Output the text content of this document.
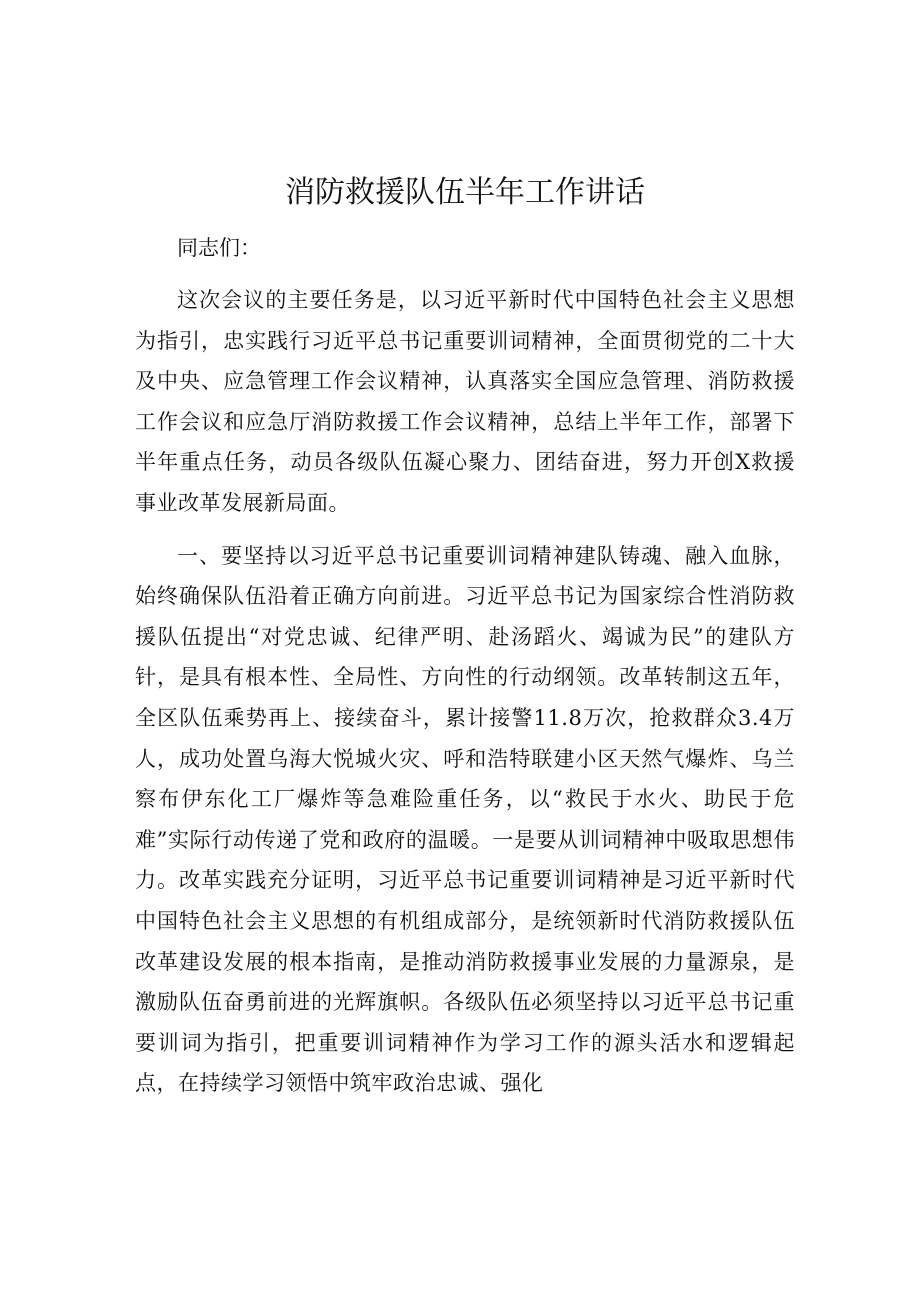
消防救援队伍半年工作讲话

同志们：

这次会议的主要任务是，以习近平新时代中国特色社会主义思想为指引，忠实践行习近平总书记重要训词精神，全面贯彻党的二十大及中央、应急管理工作会议精神，认真落实全国应急管理、消防救援工作会议和应急厅消防救援工作会议精神，总结上半年工作，部署下半年重点任务，动员各级队伍凝心聚力、团结奋进，努力开创X救援事业改革发展新局面。

一、要坚持以习近平总书记重要训词精神建队铸魂、融入血脉，始终确保队伍沿着正确方向前进。习近平总书记为国家综合性消防救援队伍提出“对党忠诚、纪律严明、赴汤蹈火、竭诚为民”的建队方针，是具有根本性、全局性、方向性的行动纲领。改革转制这五年，全区队伍乘势再上、接续奋斗，累计接警11.8万次，抢救群众3.4万人，成功处置乌海大悦城火灾、呼和浩特联建小区天然气爆炸、乌兰察布伊东化工厂爆炸等急难险重任务，以“救民于水火、助民于危难”实际行动传递了党和政府的温暖。一是要从训词精神中吸取思想伟力。改革实践充分证明，习近平总书记重要训词精神是习近平新时代中国特色社会主义思想的有机组成部分，是统领新时代消防救援队伍改革建设发展的根本指南，是推动消防救援事业发展的力量源泉，是激励队伍奋勇前进的光辉旗帜。各级队伍必须坚持以习近平总书记重要训词为指引，把重要训词精神作为学习工作的源头活水和逻辑起点，在持续学习领悟中筑牢政治忠诚、强化
